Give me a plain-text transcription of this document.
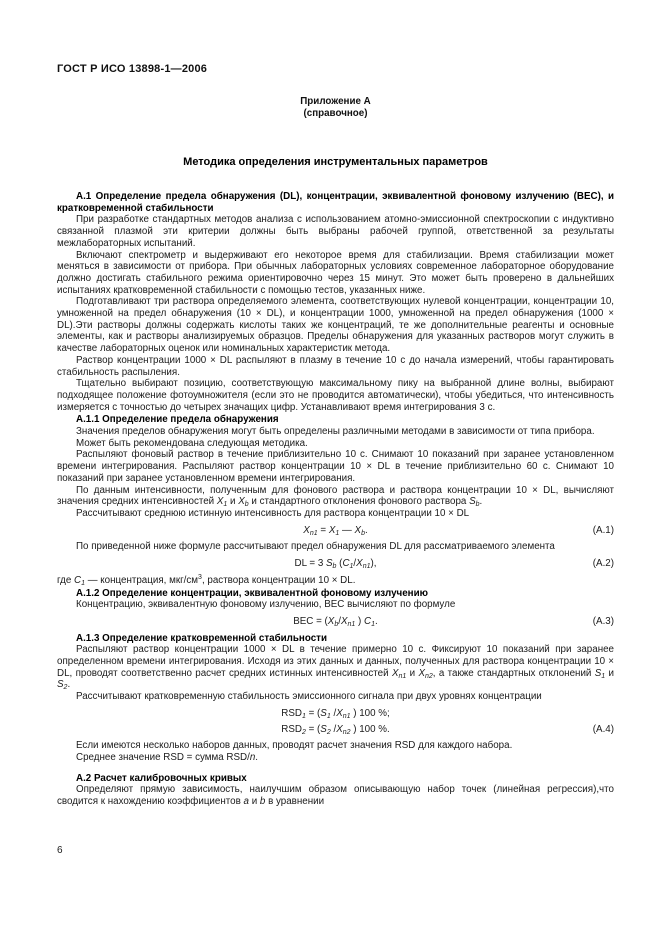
ГОСТ Р ИСО 13898-1—2006
Приложение А
(справочное)
Методика определения инструментальных параметров
А.1 Определение предела обнаружения (DL), концентрации, эквивалентной фоновому излучению (ВЕС), и кратковременной стабильности
При разработке стандартных методов анализа с использованием атомно-эмиссионной спектроскопии с индуктивно связанной плазмой эти критерии должны быть выбраны рабочей группой, ответственной за результаты межлабораторных испытаний.
Включают спектрометр и выдерживают его некоторое время для стабилизации. Время стабилизации может меняться в зависимости от прибора. При обычных лабораторных условиях современное лабораторное оборудование должно достигать стабильного режима ориентировочно через 15 минут. Это может быть проверено в дальнейших испытаниях кратковременной стабильности с помощью тестов, указанных ниже.
Подготавливают три раствора определяемого элемента, соответствующих нулевой концентрации, концентрации 10, умноженной на предел обнаружения (10 × DL), и концентрации 1000, умноженной на предел обнаружения (1000 × DL).Эти растворы должны содержать кислоты таких же концентраций, те же дополнительные реагенты и основные элементы, как и растворы анализируемых образцов. Пределы обнаружения для указанных растворов могут служить в качестве лабораторных оценок или номинальных характеристик метода.
Раствор концентрации 1000 × DL распыляют в плазму в течение 10 с до начала измерений, чтобы гарантировать стабильность распыления.
Тщательно выбирают позицию, соответствующую максимальному пику на выбранной длине волны, выбирают подходящее положение фотоумножителя (если это не проводится автоматически), чтобы убедиться, что интенсивность измеряется с точностью до четырех значащих цифр. Устанавливают время интегрирования 3 с.
А.1.1 Определение предела обнаружения
Значения пределов обнаружения могут быть определены различными методами в зависимости от типа прибора.
Может быть рекомендована следующая методика.
Распыляют фоновый раствор в течение приблизительно 10 с. Снимают 10 показаний при заранее установленном времени интегрирования. Распыляют раствор концентрации 10 × DL в течение приблизительно 60 с. Снимают 10 показаний при заранее установленном времени интегрирования.
По данным интенсивности, полученным для фонового раствора и раствора концентрации 10 × DL, вычисляют значения средних интенсивностей $X_1$ и $X_b$ и стандартного отклонения фонового раствора $S_b$.
Рассчитывают среднюю истинную интенсивность для раствора концентрации 10 × DL
$X_{n1} = X_1$ — $X_b$.	(А.1)
По приведенной ниже формуле рассчитывают предел обнаружения DL для рассматриваемого элемента
DL = 3 $S_b$ $(C_1/X_{n1})$,	(А.2)
где $C_1$ — концентрация, мкг/$см^3$, раствора концентрации 10 × DL.
А.1.2 Определение концентрации, эквивалентной фоновому излучению
Концентрацию, эквивалентную фоновому излучению, ВЕС вычисляют по формуле
ВЕС = ($X_b/X_{n1}$ ) $C_1$.	(А.3)
А.1.3 Определение кратковременной стабильности
Распыляют раствор концентрации 1000 × DL в течение примерно 10 с. Фиксируют 10 показаний при заранее определенном времени интегрирования. Исходя из этих данных и данных, полученных для раствора концентрации 10 × DL, проводят соответственно расчет средних истинных интенсивностей $X_{n1}$ и $X_{n2}$, а также стандартных отклонений $S_1$ и $S_2$.
Рассчитывают кратковременную стабильность эмиссионного сигнала при двух уровнях концентрации
$RSD_1 = (S_1$ $/X_{n1}$ ) 100 %;
$RSD_2 = (S_2$ $/X_{n2}$ ) 100 %.	(А.4)
Если имеются несколько наборов данных, проводят расчет значения RSD для каждого набора.
Среднее значение RSD = сумма RSD/n.
А.2 Расчет калибровочных кривых
Определяют прямую зависимость, наилучшим образом описывающую набор точек (линейная регрессия),что сводится к нахождению коэффициентов a и b в уравнении
6
